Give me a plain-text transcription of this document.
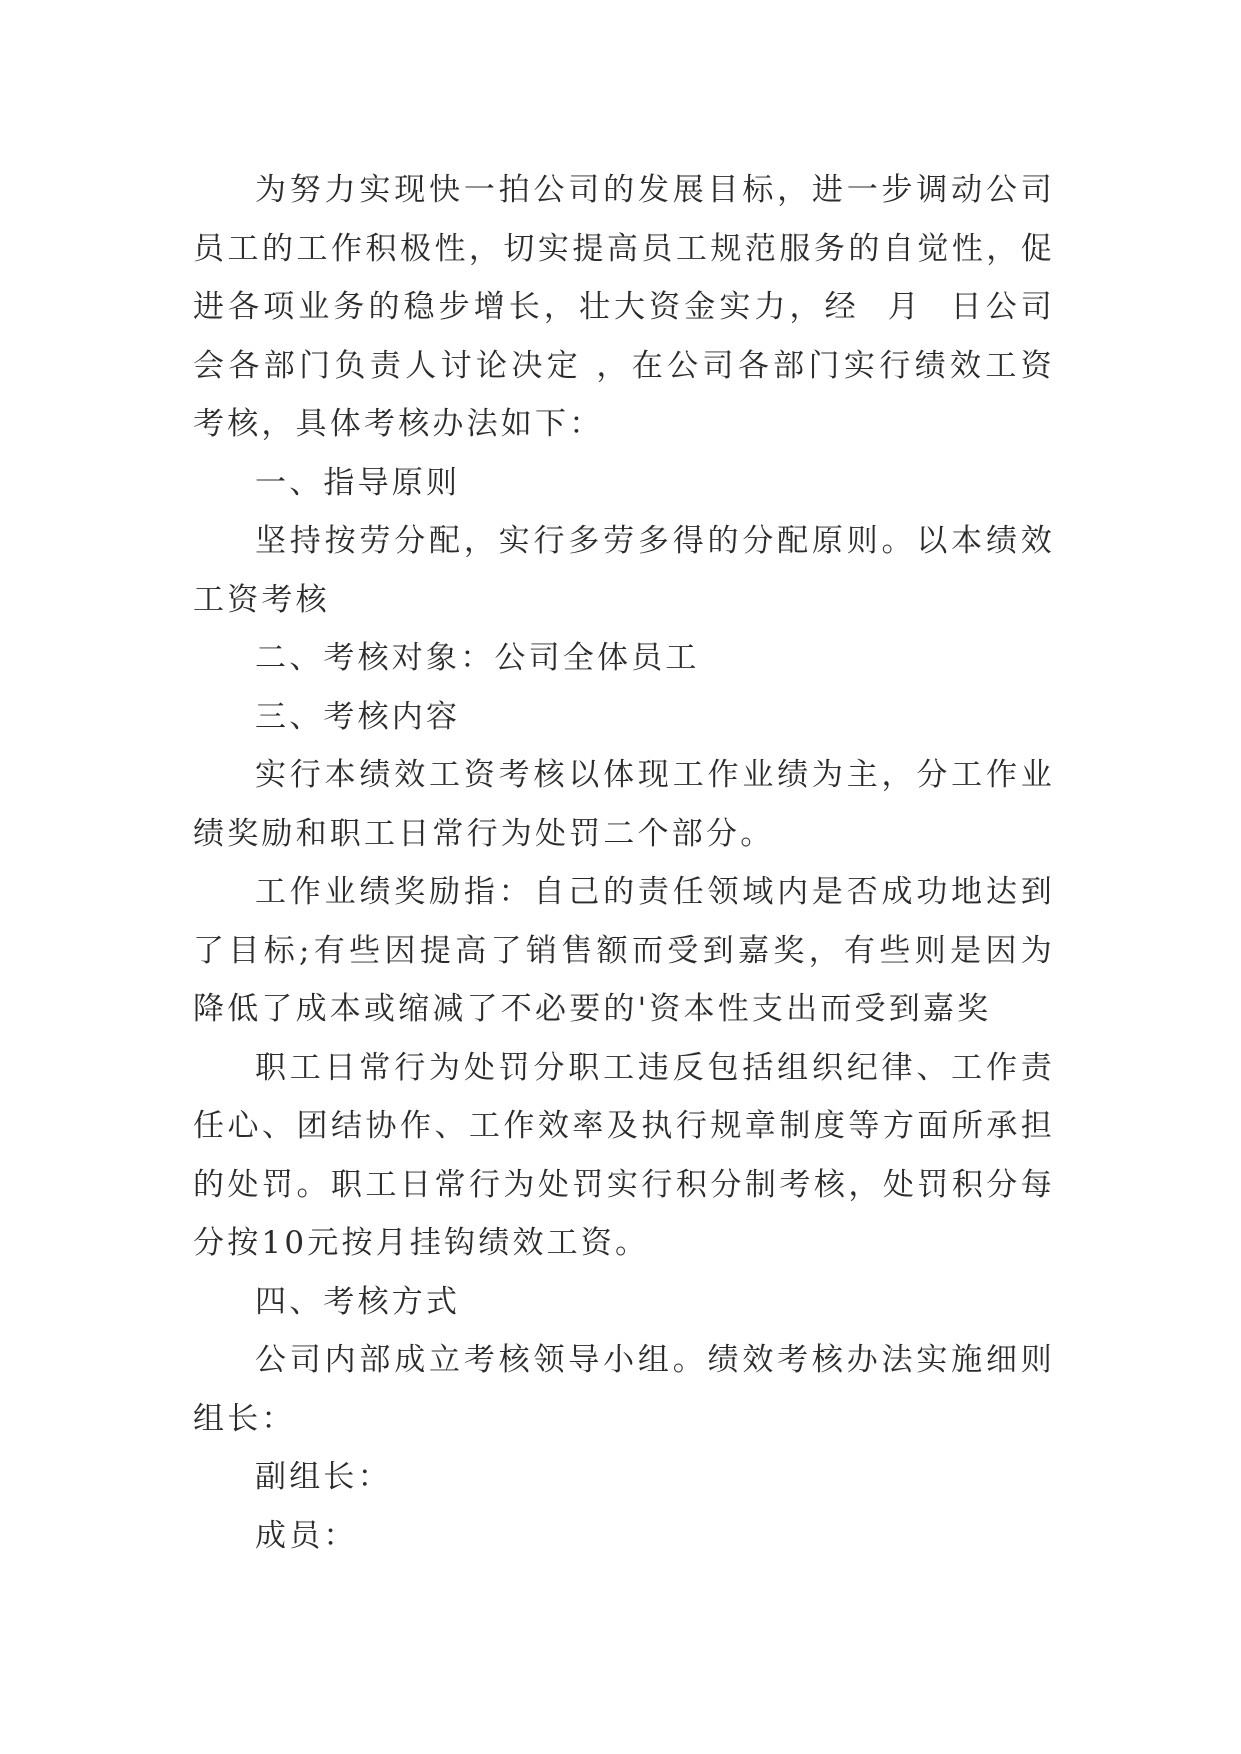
为努力实现快一拍公司的发展目标，进一步调动公司员工的工作积极性，切实提高员工规范服务的自觉性，促进各项业务的稳步增长，壮大资金实力，经  月  日公司会各部门负责人讨论决定 ，在公司各部门实行绩效工资考核，具体考核办法如下：

一、指导原则

坚持按劳分配，实行多劳多得的分配原则。以本绩效工资考核

二、考核对象：公司全体员工

三、考核内容

实行本绩效工资考核以体现工作业绩为主，分工作业绩奖励和职工日常行为处罚二个部分。

工作业绩奖励指：自己的责任领域内是否成功地达到了目标;有些因提高了销售额而受到嘉奖，有些则是因为降低了成本或缩减了不必要的'资本性支出而受到嘉奖

职工日常行为处罚分职工违反包括组织纪律、工作责任心、团结协作、工作效率及执行规章制度等方面所承担的处罚。职工日常行为处罚实行积分制考核，处罚积分每分按10元按月挂钩绩效工资。

四、考核方式

公司内部成立考核领导小组。绩效考核办法实施细则组长：

副组长：

成员：
